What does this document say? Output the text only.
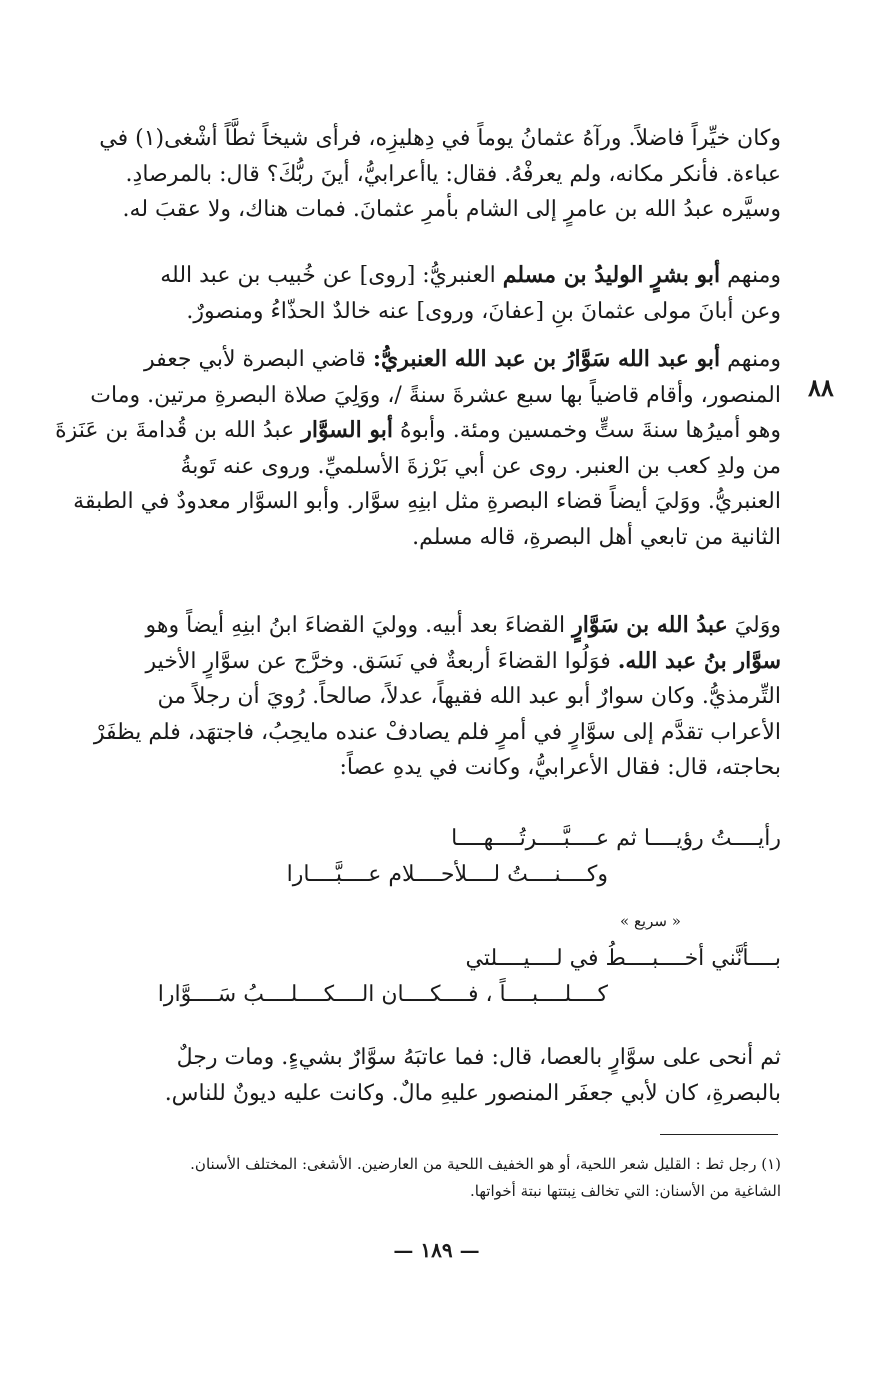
٨٨
وكان خيِّراً فاضلاً. ورآهُ عثمانُ يوماً في دِهليزِه، فرأى شيخاً ثطَّاً أشْغى(١) في
عباءة. فأنكر مكانه، ولم يعرفْهُ. فقال: ياأعرابيُّ، أينَ ربُّكَ؟ قال: بالمرصادِ.
وسيَّره عبدُ الله بن عامرٍ إلى الشام بأمرِ عثمانَ. فمات هناك، ولا عقبَ له.
ومنهم أبو بشرٍ الوليدُ بن مسلم العنبريُّ: [روى] عن خُبيب بن عبد الله
وعن أبانَ مولى عثمانَ بنِ [عفانَ، وروى] عنه خالدٌ الحذّاءُ ومنصورٌ.
ومنهم أبو عبد الله سَوَّارُ بن عبد الله العنبريُّ: قاضي البصرة لأبي جعفر
المنصور، وأقام قاضياً بها سبع عشرةَ سنةً /، ووَلِيَ صلاة البصرةِ مرتين. ومات
وهو أميرُها سنةَ ستٍّ وخمسين ومئة. وأبوهُ أبو السوَّار عبدُ الله بن قُدامةَ بن عَنَزةَ
من ولدِ كعب بن العنبر. روى عن أبي بَرْزةَ الأسلميِّ. وروى عنه تَوبةُ
العنبريُّ. ووَليَ أيضاً قضاء البصرةِ مثل ابنِهِ سوَّار. وأبو السوَّار معدودٌ في الطبقة
الثانية من تابعي أهل البصرةِ، قاله مسلم.
ووَليَ عبدُ الله بن سَوَّارٍ القضاءَ بعد أبيه. ووليَ القضاءَ ابنُ ابنِهِ أيضاً وهو
سوَّار بنُ عبد الله. فوَلُوا القضاءَ أربعةٌ في نَسَق. وخرَّج عن سوَّارٍ الأخير
التِّرمذيُّ. وكان سوارٌ أبو عبد الله فقيهاً، عدلاً، صالحاً. رُويَ أن رجلاً من
الأعراب تقدَّم إلى سوَّارٍ في أمرٍ فلم يصادفْ عنده مايحِبُ، فاجتهَد، فلم يظفَرْ
بحاجته، قال: فقال الأعرابيُّ، وكانت في يدهِ عصاً:
رأيــــتُ رؤيــــا ثم عــــبَّــــرتُــــهــــا
وكــــنــــتُ لــــلأحــــلام عــــبَّــــارا
« سريع »
بــــأنَّني أخــــبــــطُ في لــــيــــلتي
كــــلــــبــــاً ، فــــكــــان الــــكــــلــــبُ سَــــوَّارا
ثم أنحى على سوَّارٍ بالعصا، قال: فما عاتبَهُ سوَّارٌ بشيءٍ. ومات رجلٌ
بالبصرةِ، كان لأبي جعفَر المنصور عليهِ مالٌ. وكانت عليه ديونٌ للناس.
(١) رجل ثط : القليل شعر اللحية، أو هو الخفيف اللحية من العارضين. الأشغى: المختلف الأسنان.
الشاغية من الأسنان: التي تخالف نِبتتها نبتة أخواتها.
— ١٨٩ —
